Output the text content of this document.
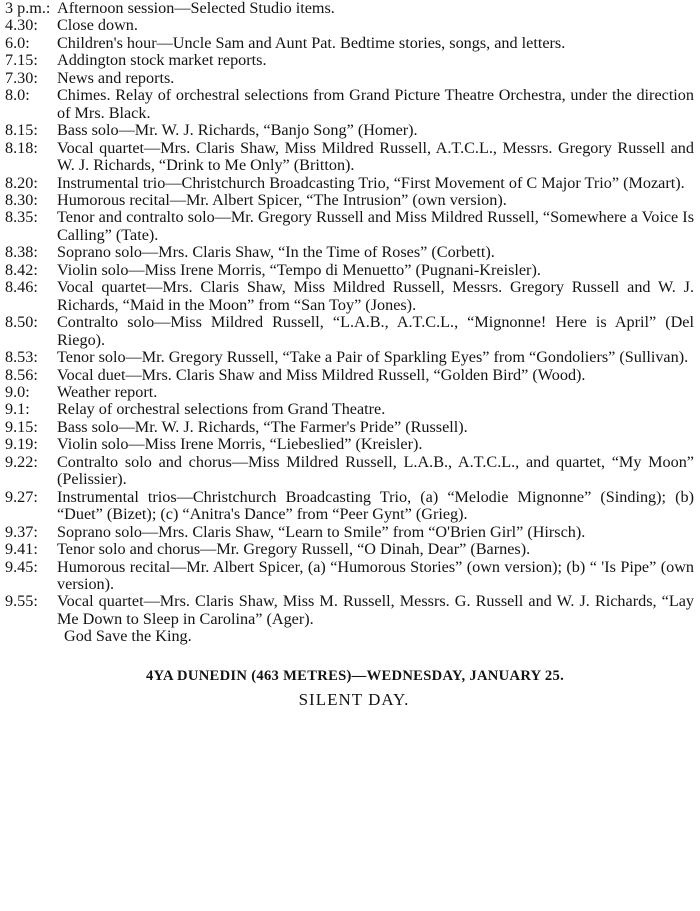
3 p.m.: Afternoon session—Selected Studio items.
4.30: Close down.
6.0: Children's hour—Uncle Sam and Aunt Pat. Bedtime stories, songs, and letters.
7.15: Addington stock market reports.
7.30: News and reports.
8.0: Chimes. Relay of orchestral selections from Grand Picture Theatre Orchestra, under the direction of Mrs. Black.
8.15: Bass solo—Mr. W. J. Richards, “Banjo Song” (Homer).
8.18: Vocal quartet—Mrs. Claris Shaw, Miss Mildred Russell, A.T.C.L., Messrs. Gregory Russell and W. J. Richards, “Drink to Me Only” (Britton).
8.20: Instrumental trio—Christchurch Broadcasting Trio, “First Movement of C Major Trio” (Mozart).
8.30: Humorous recital—Mr. Albert Spicer, “The Intrusion” (own version).
8.35: Tenor and contralto solo—Mr. Gregory Russell and Miss Mildred Russell, “Somewhere a Voice Is Calling” (Tate).
8.38: Soprano solo—Mrs. Claris Shaw, “In the Time of Roses” (Corbett).
8.42: Violin solo—Miss Irene Morris, “Tempo di Menuetto” (Pugnani-Kreisler).
8.46: Vocal quartet—Mrs. Claris Shaw, Miss Mildred Russell, Messrs. Gregory Russell and W. J. Richards, “Maid in the Moon” from “San Toy” (Jones).
8.50: Contralto solo—Miss Mildred Russell, “L.A.B., A.T.C.L., “Mignonne! Here is April” (Del Riego).
8.53: Tenor solo—Mr. Gregory Russell, “Take a Pair of Sparkling Eyes” from “Gondoliers” (Sullivan).
8.56: Vocal duet—Mrs. Claris Shaw and Miss Mildred Russell, “Golden Bird” (Wood).
9.0: Weather report.
9.1: Relay of orchestral selections from Grand Theatre.
9.15: Bass solo—Mr. W. J. Richards, “The Farmer's Pride” (Russell).
9.19: Violin solo—Miss Irene Morris, “Liebeslied” (Kreisler).
9.22: Contralto solo and chorus—Miss Mildred Russell, L.A.B., A.T.C.L., and quartet, “My Moon” (Pelissier).
9.27: Instrumental trios—Christchurch Broadcasting Trio, (a) “Melodie Mignonne” (Sinding); (b) “Duet” (Bizet); (c) “Anitra's Dance” from “Peer Gynt” (Grieg).
9.37: Soprano solo—Mrs. Claris Shaw, “Learn to Smile” from “O'Brien Girl” (Hirsch).
9.41: Tenor solo and chorus—Mr. Gregory Russell, “O Dinah, Dear” (Barnes).
9.45: Humorous recital—Mr. Albert Spicer, (a) “Humorous Stories” (own version); (b) “ 'Is Pipe” (own version).
9.55: Vocal quartet—Mrs. Claris Shaw, Miss M. Russell, Messrs. G. Russell and W. J. Richards, “Lay Me Down to Sleep in Carolina” (Ager).
God Save the King.
4YA DUNEDIN (463 METRES)—WEDNESDAY, JANUARY 25.
SILENT DAY.
